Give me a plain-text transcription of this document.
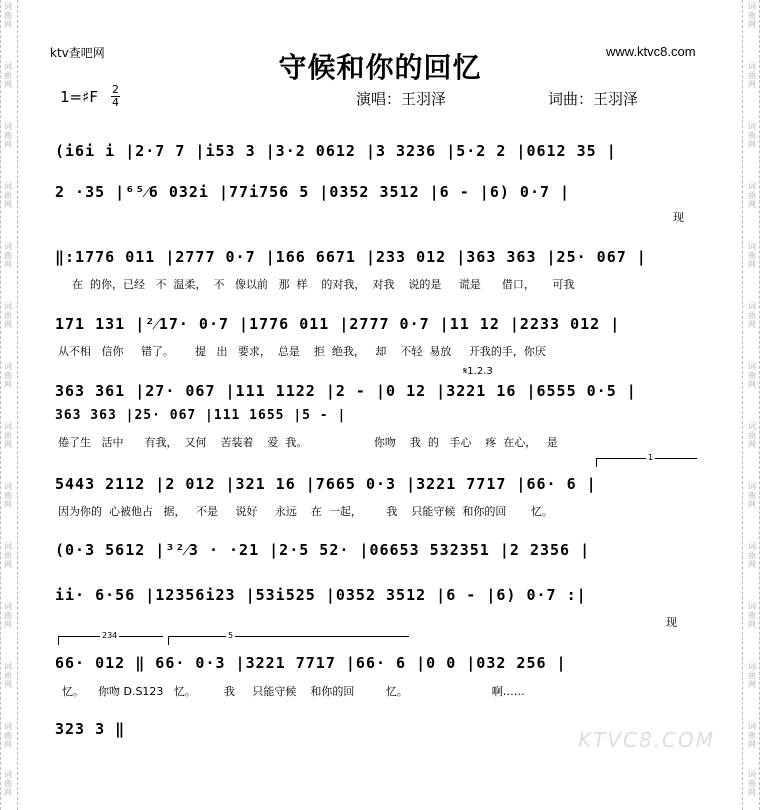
词曲网
词曲网
词曲网
词曲网
词曲网
词曲网
词曲网
词曲网
词曲网
词曲网
词曲网
词曲网
词曲网
词曲网
词曲网
词曲网
词曲网
词曲网
词曲网
词曲网
词曲网
词曲网
词曲网
词曲网
词曲网
词曲网
词曲网
词曲网
ktv查吧网	www.ktvc8.com
守候和你的回忆
1=♯F 2
4	演唱：王羽泽	词曲：王羽泽
(i6i i |2·7 7 |i53 3 |3·2 0612 |3 3236 |5·2 2 |0612 35 |
2 ·35 |⁶⁵⁄6 032i |77i756 5 |0352 3512 |6 - |6) 0·7 |
现
‖:1776 011 |2777 0·7 |166 6671 |233 012 |363 363 |25· 067 |
在  的你，已经   不  温柔，  不   像以前   那  样    的对我，  对我    说的是     谎是      借口，     可我
171 131 |²⁄17· 0·7 |1776 011 |2777 0·7 |11 12 |2233 012 |
从不相   信你     错了。      提   出   要求，  总是    拒  绝我，   却    不轻  易放     开我的手，你厌
𝄋1.2.3
363 361 |27· 067 |111 1122 |2 - |0 12 |3221 16 |6555 0·5 |
363 363 |25· 067 |111 1655 |5 - |
倦了生   活中      有我，  又何    苦装着    爱  我。                   你吻    我  的   手心    疼  在心，   是
1
5443 2112 |2 012 |321 16 |7665 0·3 |3221 7717 |66· 6 |
因为你的  心被他占   据，   不是     说好     永远    在  一起，       我    只能守候  和你的回       忆。
(0·3 5612 |³²⁄3 · ·21 |2·5 52· |06653 532351 |2 2356 |
ii· 6·56 |12356i23 |53i525 |0352 3512 |6 - |6) 0·7 :|
现
234	5
66· 012 ‖ 66· 0·3 |3221 7717 |66· 6 |0 0 |032 256 |
忆。    你吻 D.S123   忆。        我     只能守候    和你的回         忆。                        啊……
323 3 ‖	KTVC8.COM
